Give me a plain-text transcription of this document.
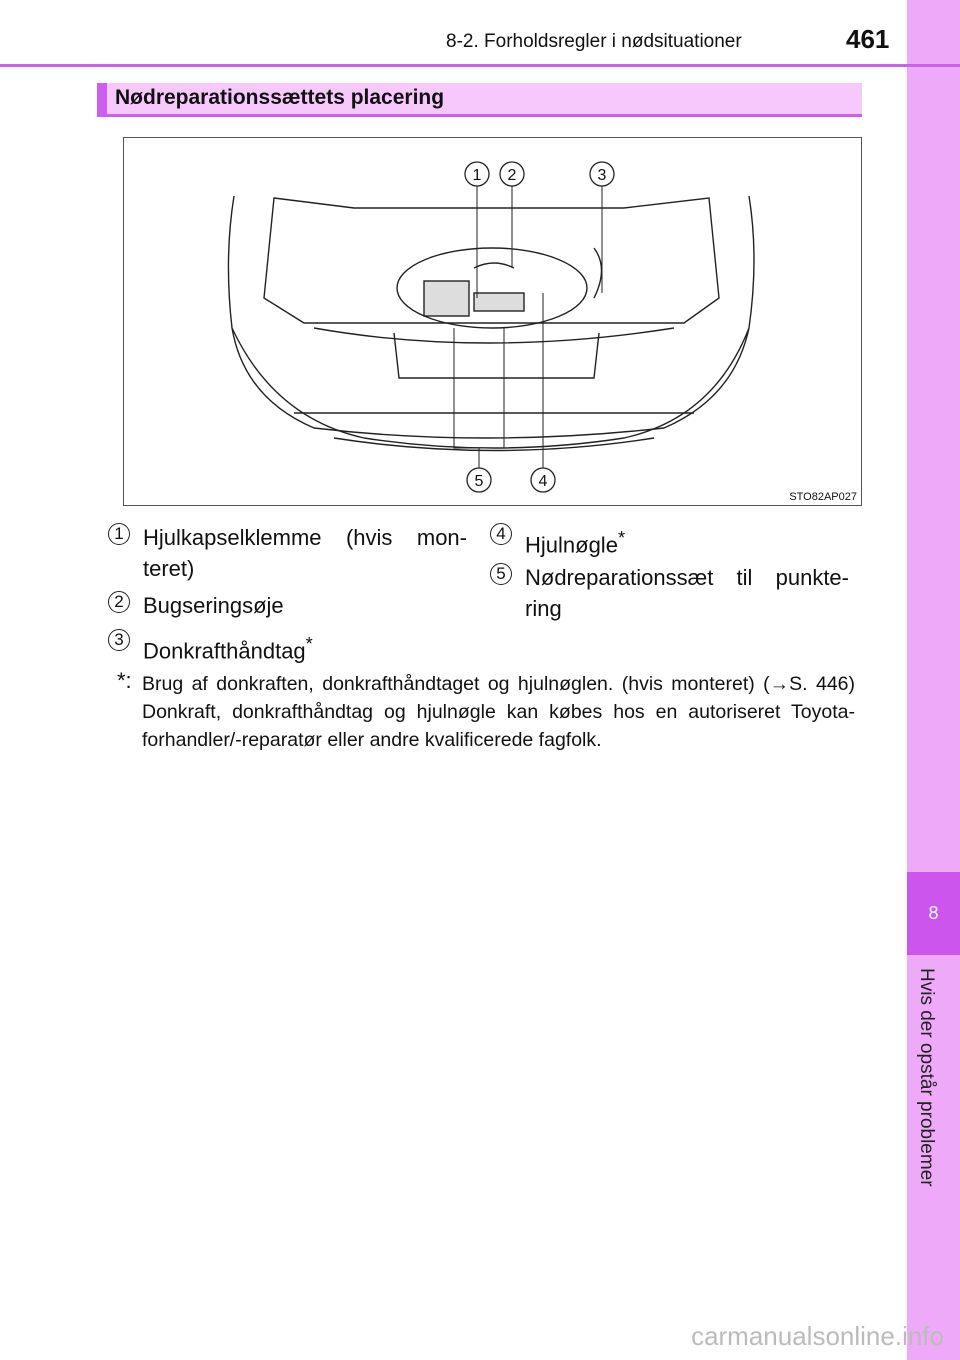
8
Hvis der opstår problemer
8-2. Forholdsregler i nødsituationer	461
Nødreparationssættets placering
1 2	3
5	4
STO82AP027
1 Hjulkapselklemme (hvis mon-
teret)
2 Bugseringsøje
3 Donkrafthåndtag*
4 Hjulnøgle*
5 Nødreparationssæt til punkte-
ring
*: Brug af donkraften, donkrafthåndtaget og hjulnøglen. (hvis monteret) (→S. 446) Donkraft, donkrafthåndtag og hjulnøgle kan købes hos en autoriseret Toyota-forhandler/-reparatør eller andre kvalificerede fagfolk.
carmanualsonline.info
